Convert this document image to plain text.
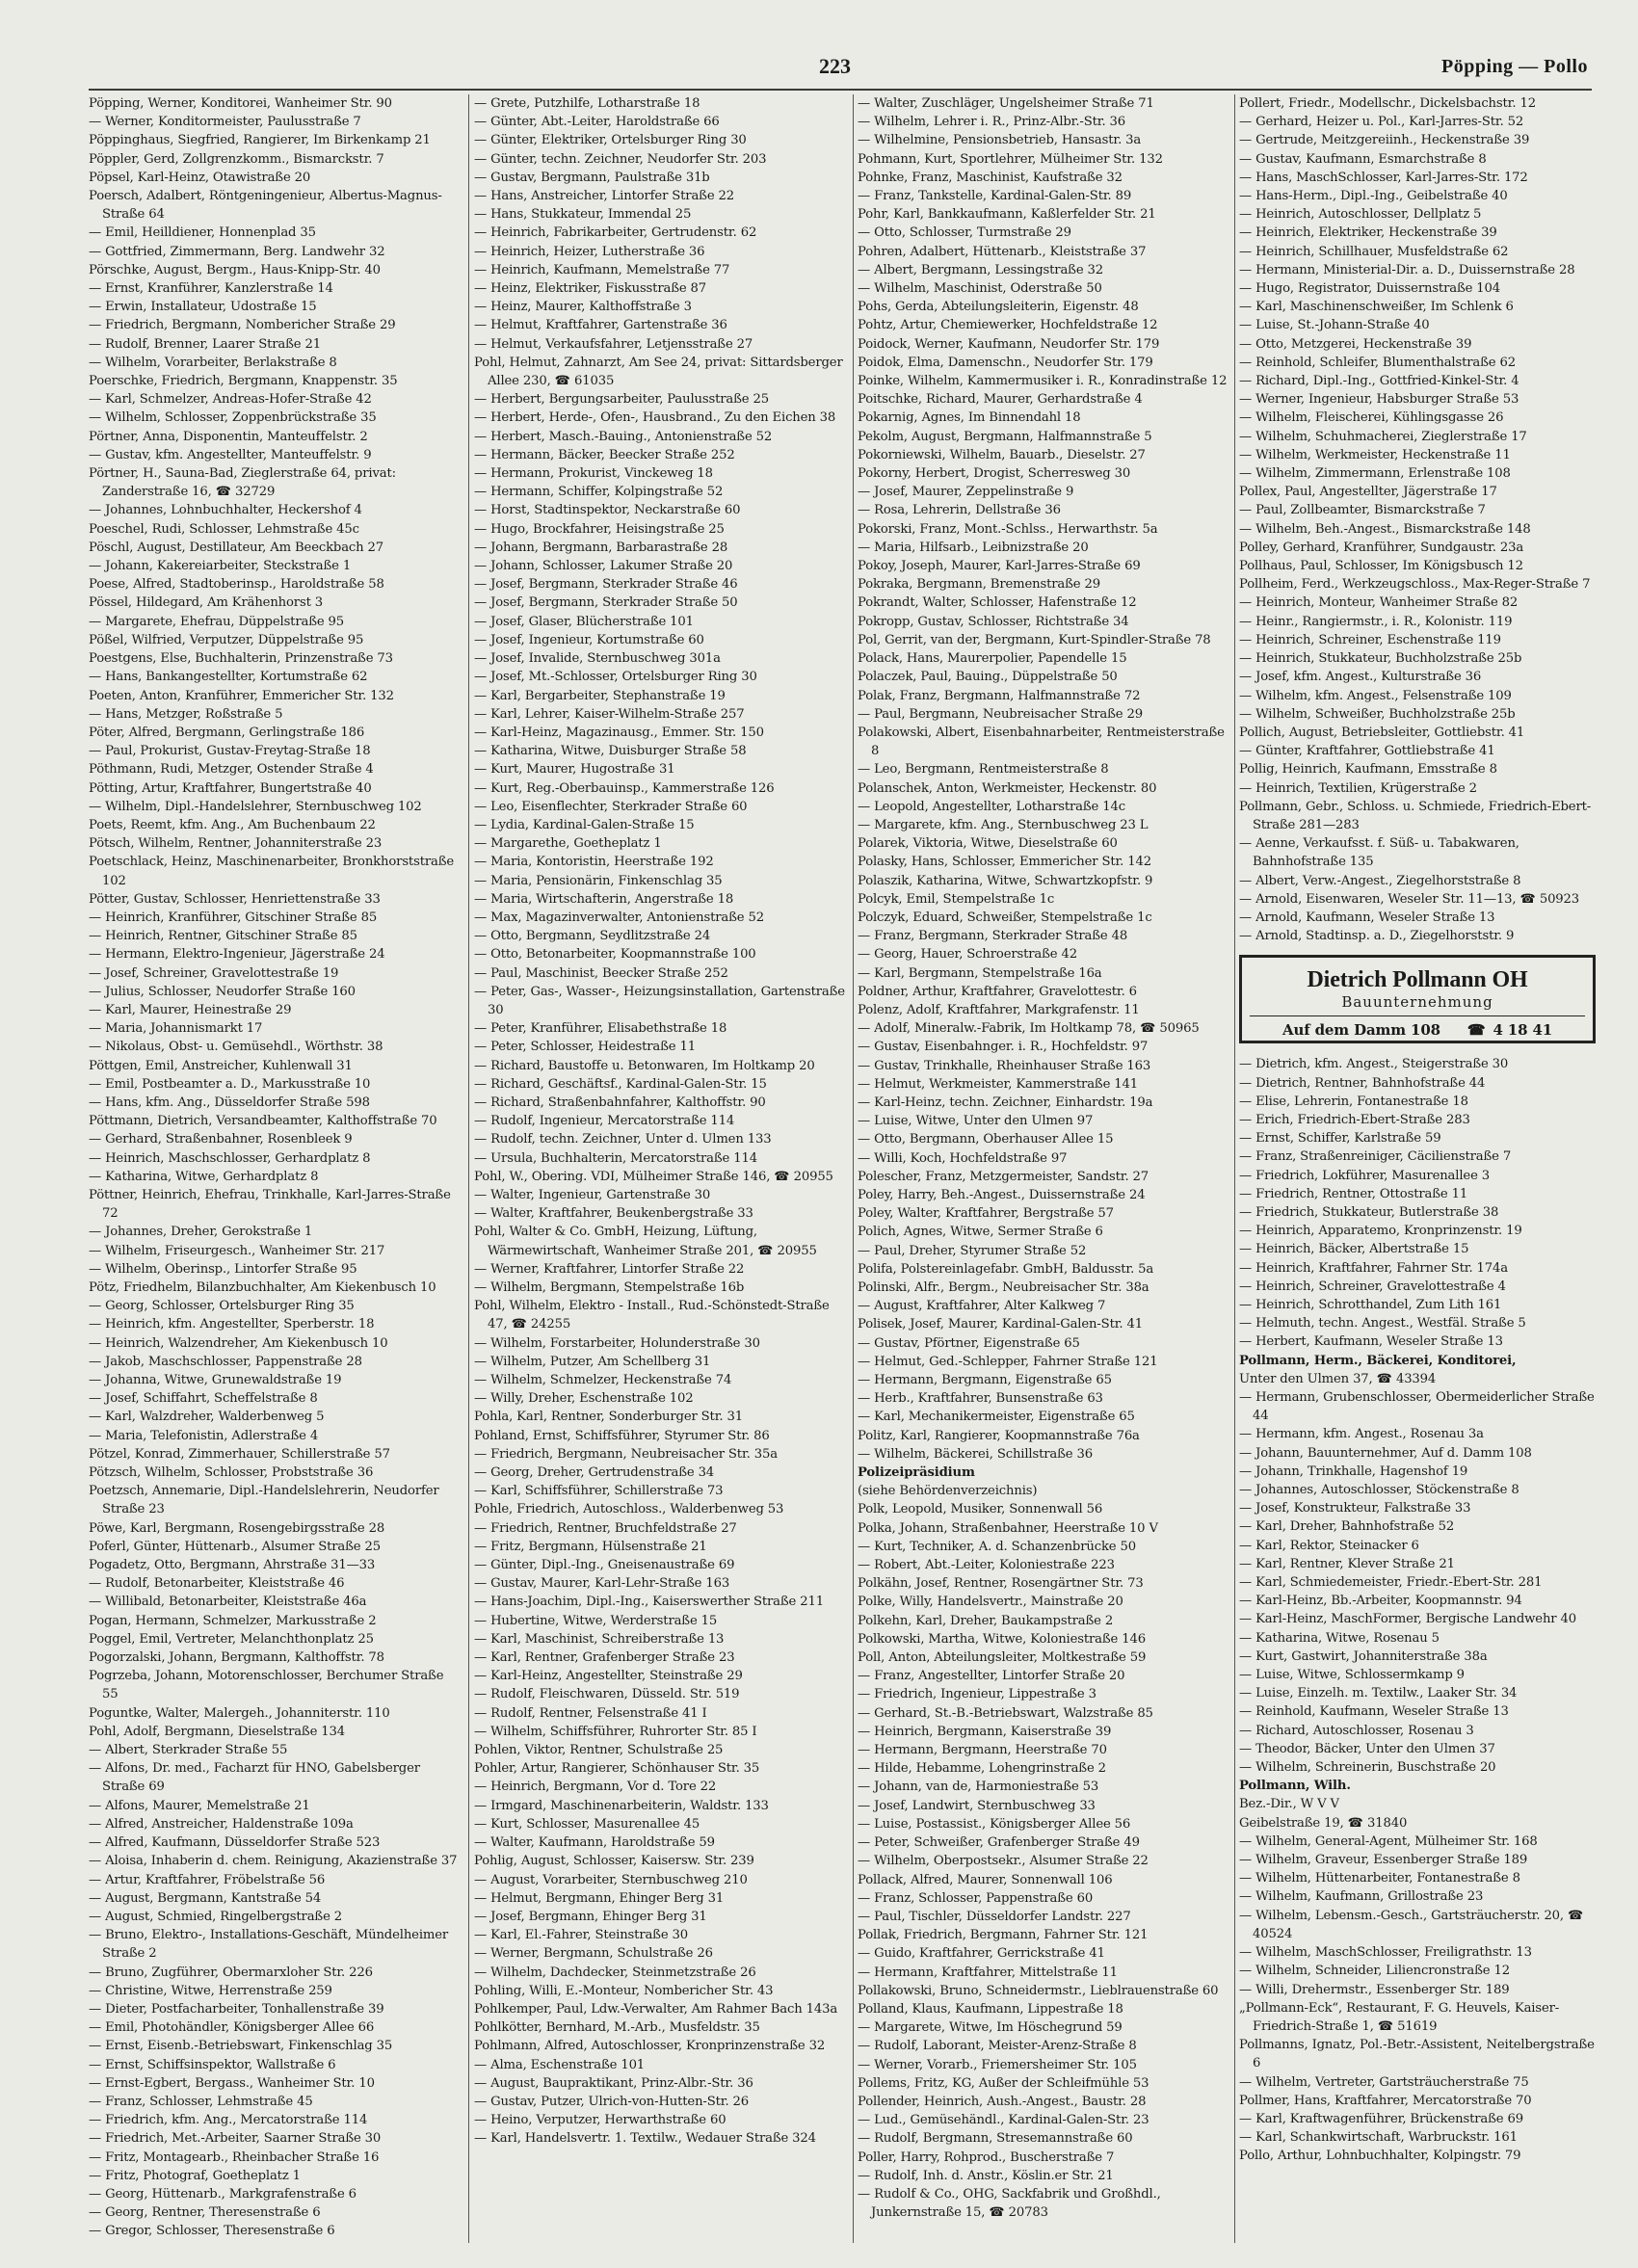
223	Pöpping — Pollo
Pöpping, Werner, Konditorei, Wanheimer Str. 90
— Werner, Konditormeister, Paulusstraße 7
Pöppinghaus, Siegfried, Rangierer, Im Birkenkamp 21
Pöppler, Gerd, Zollgrenzkomm., Bismarckstr. 7
Pöpsel, Karl-Heinz, Otawistraße 20
Poersch, Adalbert, Röntgeningenieur, Albertus-Magnus-Straße 64
— Emil, Heilldiener, Honnenplad 35
— Gottfried, Zimmermann, Berg. Landwehr 32
Pörschke, August, Bergm., Haus-Knipp-Str. 40
— Ernst, Kranführer, Kanzlerstraße 14
— Erwin, Installateur, Udostraße 15
— Friedrich, Bergmann, Nombericher Straße 29
— Rudolf, Brenner, Laarer Straße 21
— Wilhelm, Vorarbeiter, Berlakstraße 8
Poerschke, Friedrich, Bergmann, Knappenstr. 35
— Karl, Schmelzer, Andreas-Hofer-Straße 42
— Wilhelm, Schlosser, Zoppenbrückstraße 35
Pörtner, Anna, Disponentin, Manteuffelstr. 2
— Gustav, kfm. Angestellter, Manteuffelstr. 9
Pörtner, H., Sauna-Bad, Zieglerstraße 64, privat: Zanderstraße 16, ☎ 32729
— Johannes, Lohnbuchhalter, Heckershof 4
Poeschel, Rudi, Schlosser, Lehmstraße 45c
Pöschl, August, Destillateur, Am Beeckbach 27
— Johann, Kakereiarbeiter, Steckstraße 1
Poese, Alfred, Stadtoberinsp., Haroldstraße 58
Pössel, Hildegard, Am Krähenhorst 3
— Margarete, Ehefrau, Düppelstraße 95
Pößel, Wilfried, Verputzer, Düppelstraße 95
Poestgens, Else, Buchhalterin, Prinzenstraße 73
— Hans, Bankangestellter, Kortumstraße 62
Poeten, Anton, Kranführer, Emmericher Str. 132
— Hans, Metzger, Roßstraße 5
Pöter, Alfred, Bergmann, Gerlingstraße 186
— Paul, Prokurist, Gustav-Freytag-Straße 18
Pöthmann, Rudi, Metzger, Ostender Straße 4
Pötting, Artur, Kraftfahrer, Bungertstraße 40
— Wilhelm, Dipl.-Handelslehrer, Sternbuschweg 102
Poets, Reemt, kfm. Ang., Am Buchenbaum 22
Pötsch, Wilhelm, Rentner, Johanniterstraße 23
Poetschlack, Heinz, Maschinenarbeiter, Bronkhorststraße 102
Pötter, Gustav, Schlosser, Henriettenstraße 33
— Heinrich, Kranführer, Gitschiner Straße 85
— Heinrich, Rentner, Gitschiner Straße 85
— Hermann, Elektro-Ingenieur, Jägerstraße 24
— Josef, Schreiner, Gravelottestraße 19
— Julius, Schlosser, Neudorfer Straße 160
— Karl, Maurer, Heinestraße 29
— Maria, Johannismarkt 17
— Nikolaus, Obst- u. Gemüsehdl., Wörthstr. 38
Pöttgen, Emil, Anstreicher, Kuhlenwall 31
— Emil, Postbeamter a. D., Markusstraße 10
— Hans, kfm. Ang., Düsseldorfer Straße 598
Pöttmann, Dietrich, Versandbeamter, Kalthoffstraße 70
— Gerhard, Straßenbahner, Rosenbleek 9
— Heinrich, Maschschlosser, Gerhardplatz 8
— Katharina, Witwe, Gerhardplatz 8
Pöttner, Heinrich, Ehefrau, Trinkhalle, Karl-Jarres-Straße 72
— Johannes, Dreher, Gerokstraße 1
— Wilhelm, Friseurgesch., Wanheimer Str. 217
— Wilhelm, Oberinsp., Lintorfer Straße 95
Pötz, Friedhelm, Bilanzbuchhalter, Am Kiekenbusch 10
— Georg, Schlosser, Ortelsburger Ring 35
— Heinrich, kfm. Angestellter, Sperberstr. 18
— Heinrich, Walzendreher, Am Kiekenbusch 10
— Jakob, Maschschlosser, Pappenstraße 28
— Johanna, Witwe, Grunewaldstraße 19
— Josef, Schiffahrt, Scheffelstraße 8
— Karl, Walzdreher, Walderbenweg 5
— Maria, Telefonistin, Adlerstraße 4
Pötzel, Konrad, Zimmerhauer, Schillerstraße 57
Pötzsch, Wilhelm, Schlosser, Probststraße 36
Poetzsch, Annemarie, Dipl.-Handelslehrerin, Neudorfer Straße 23
Pöwe, Karl, Bergmann, Rosengebirgsstraße 28
Poferl, Günter, Hüttenarb., Alsumer Straße 25
Pogadetz, Otto, Bergmann, Ahrstraße 31—33
— Rudolf, Betonarbeiter, Kleiststraße 46
— Willibald, Betonarbeiter, Kleiststraße 46a
Pogan, Hermann, Schmelzer, Markusstraße 2
Poggel, Emil, Vertreter, Melanchthonplatz 25
Pogorzalski, Johann, Bergmann, Kalthoffstr. 78
Pogrzeba, Johann, Motorenschlosser, Berchumer Straße 55
Poguntke, Walter, Malergeh., Johanniterstr. 110
Pohl, Adolf, Bergmann, Dieselstraße 134
— Albert, Sterkrader Straße 55
— Alfons, Dr. med., Facharzt für HNO, Gabelsberger Straße 69
— Alfons, Maurer, Memelstraße 21
— Alfred, Anstreicher, Haldenstraße 109a
— Alfred, Kaufmann, Düsseldorfer Straße 523
— Aloisa, Inhaberin d. chem. Reinigung, Akazienstraße 37
— Artur, Kraftfahrer, Fröbelstraße 56
— August, Bergmann, Kantstraße 54
— August, Schmied, Ringelbergstraße 2
— Bruno, Elektro-, Installations-Geschäft, Mündelheimer Straße 2
— Bruno, Zugführer, Obermarxloher Str. 226
— Christine, Witwe, Herrenstraße 259
— Dieter, Postfacharbeiter, Tonhallenstraße 39
— Emil, Photohändler, Königsberger Allee 66
— Ernst, Eisenb.-Betriebswart, Finkenschlag 35
— Ernst, Schiffsinspektor, Wallstraße 6
— Ernst-Egbert, Bergass., Wanheimer Str. 10
— Franz, Schlosser, Lehmstraße 45
— Friedrich, kfm. Ang., Mercatorstraße 114
— Friedrich, Met.-Arbeiter, Saarner Straße 30
— Fritz, Montagearb., Rheinbacher Straße 16
— Fritz, Photograf, Goetheplatz 1
— Georg, Hüttenarb., Markgrafenstraße 6
— Georg, Rentner, Theresenstraße 6
— Gregor, Schlosser, Theresenstraße 6
— Grete, Putzhilfe, Lotharstraße 18
— Günter, Abt.-Leiter, Haroldstraße 66
— Günter, Elektriker, Ortelsburger Ring 30
— Günter, techn. Zeichner, Neudorfer Str. 203
— Gustav, Bergmann, Paulstraße 31b
— Hans, Anstreicher, Lintorfer Straße 22
— Hans, Stukkateur, Immendal 25
— Heinrich, Fabrikarbeiter, Gertrudenstr. 62
— Heinrich, Heizer, Lutherstraße 36
— Heinrich, Kaufmann, Memelstraße 77
— Heinz, Elektriker, Fiskusstraße 87
— Heinz, Maurer, Kalthoffstraße 3
— Helmut, Kraftfahrer, Gartenstraße 36
— Helmut, Verkaufsfahrer, Letjensstraße 27
Pohl, Helmut, Zahnarzt, Am See 24, privat: Sittardsberger Allee 230, ☎ 61035
— Herbert, Bergungsarbeiter, Paulusstraße 25
— Herbert, Herde-, Ofen-, Hausbrand., Zu den Eichen 38
— Herbert, Masch.-Bauing., Antonienstraße 52
— Hermann, Bäcker, Beecker Straße 252
— Hermann, Prokurist, Vinckeweg 18
— Hermann, Schiffer, Kolpingstraße 52
— Horst, Stadtinspektor, Neckarstraße 60
— Hugo, Brockfahrer, Heisingstraße 25
— Johann, Bergmann, Barbarastraße 28
— Johann, Schlosser, Lakumer Straße 20
— Josef, Bergmann, Sterkrader Straße 46
— Josef, Bergmann, Sterkrader Straße 50
— Josef, Glaser, Blücherstraße 101
— Josef, Ingenieur, Kortumstraße 60
— Josef, Invalide, Sternbuschweg 301a
— Josef, Mt.-Schlosser, Ortelsburger Ring 30
— Karl, Bergarbeiter, Stephanstraße 19
— Karl, Lehrer, Kaiser-Wilhelm-Straße 257
— Karl-Heinz, Magazinausg., Emmer. Str. 150
— Katharina, Witwe, Duisburger Straße 58
— Kurt, Maurer, Hugostraße 31
— Kurt, Reg.-Oberbauinsp., Kammerstraße 126
— Leo, Eisenflechter, Sterkrader Straße 60
— Lydia, Kardinal-Galen-Straße 15
— Margarethe, Goetheplatz 1
— Maria, Kontoristin, Heerstraße 192
— Maria, Pensionärin, Finkenschlag 35
— Maria, Wirtschafterin, Angerstraße 18
— Max, Magazinverwalter, Antonienstraße 52
— Otto, Bergmann, Seydlitzstraße 24
— Otto, Betonarbeiter, Koopmannstraße 100
— Paul, Maschinist, Beecker Straße 252
— Peter, Gas-, Wasser-, Heizungsinstallation, Gartenstraße 30
— Peter, Kranführer, Elisabethstraße 18
— Peter, Schlosser, Heidestraße 11
— Richard, Baustoffe u. Betonwaren, Im Holtkamp 20
— Richard, Geschäftsf., Kardinal-Galen-Str. 15
— Richard, Straßenbahnfahrer, Kalthoffstr. 90
— Rudolf, Ingenieur, Mercatorstraße 114
— Rudolf, techn. Zeichner, Unter d. Ulmen 133
— Ursula, Buchhalterin, Mercatorstraße 114
Pohl, W., Obering. VDI, Mülheimer Straße 146, ☎ 20955
— Walter, Ingenieur, Gartenstraße 30
— Walter, Kraftfahrer, Beukenbergstraße 33
Pohl, Walter & Co. GmbH, Heizung, Lüftung, Wärmewirtschaft, Wanheimer Straße 201, ☎ 20955
— Werner, Kraftfahrer, Lintorfer Straße 22
— Wilhelm, Bergmann, Stempelstraße 16b
Pohl, Wilhelm, Elektro - Install., Rud.-Schönstedt-Straße 47, ☎ 24255
— Wilhelm, Forstarbeiter, Holunderstraße 30
— Wilhelm, Putzer, Am Schellberg 31
— Wilhelm, Schmelzer, Heckenstraße 74
— Willy, Dreher, Eschenstraße 102
Pohla, Karl, Rentner, Sonderburger Str. 31
Pohland, Ernst, Schiffsführer, Styrumer Str. 86
— Friedrich, Bergmann, Neubreisacher Str. 35a
— Georg, Dreher, Gertrudenstraße 34
— Karl, Schiffsführer, Schillerstraße 73
Pohle, Friedrich, Autoschloss., Walderbenweg 53
— Friedrich, Rentner, Bruchfeldstraße 27
— Fritz, Bergmann, Hülsenstraße 21
— Günter, Dipl.-Ing., Gneisenaustraße 69
— Gustav, Maurer, Karl-Lehr-Straße 163
— Hans-Joachim, Dipl.-Ing., Kaiserswerther Straße 211
— Hubertine, Witwe, Werderstraße 15
— Karl, Maschinist, Schreiberstraße 13
— Karl, Rentner, Grafenberger Straße 23
— Karl-Heinz, Angestellter, Steinstraße 29
— Rudolf, Fleischwaren, Düsseld. Str. 519
— Rudolf, Rentner, Felsenstraße 41 I
— Wilhelm, Schiffsführer, Ruhrorter Str. 85 I
Pohlen, Viktor, Rentner, Schulstraße 25
Pohler, Artur, Rangierer, Schönhauser Str. 35
— Heinrich, Bergmann, Vor d. Tore 22
— Irmgard, Maschinenarbeiterin, Waldstr. 133
— Kurt, Schlosser, Masurenallee 45
— Walter, Kaufmann, Haroldstraße 59
Pohlig, August, Schlosser, Kaisersw. Str. 239
— August, Vorarbeiter, Sternbuschweg 210
— Helmut, Bergmann, Ehinger Berg 31
— Josef, Bergmann, Ehinger Berg 31
— Karl, El.-Fahrer, Steinstraße 30
— Werner, Bergmann, Schulstraße 26
— Wilhelm, Dachdecker, Steinmetzstraße 26
Pohling, Willi, E.-Monteur, Nombericher Str. 43
Pohlkemper, Paul, Ldw.-Verwalter, Am Rahmer Bach 143a
Pohlkötter, Bernhard, M.-Arb., Musfeldstr. 35
Pohlmann, Alfred, Autoschlosser, Kronprinzenstraße 32
— Alma, Eschenstraße 101
— August, Baupraktikant, Prinz-Albr.-Str. 36
— Gustav, Putzer, Ulrich-von-Hutten-Str. 26
— Heino, Verputzer, Herwarthstraße 60
— Karl, Handelsvertr. 1. Textilw., Wedauer Straße 324
— Walter, Zuschläger, Ungelsheimer Straße 71
— Wilhelm, Lehrer i. R., Prinz-Albr.-Str. 36
— Wilhelmine, Pensionsbetrieb, Hansastr. 3a
Pohmann, Kurt, Sportlehrer, Mülheimer Str. 132
Pohnke, Franz, Maschinist, Kaufstraße 32
— Franz, Tankstelle, Kardinal-Galen-Str. 89
Pohr, Karl, Bankkaufmann, Kaßlerfelder Str. 21
— Otto, Schlosser, Turmstraße 29
Pohren, Adalbert, Hüttenarb., Kleiststraße 37
— Albert, Bergmann, Lessingstraße 32
— Wilhelm, Maschinist, Oderstraße 50
Pohs, Gerda, Abteilungsleiterin, Eigenstr. 48
Pohtz, Artur, Chemiewerker, Hochfeldstraße 12
Poidock, Werner, Kaufmann, Neudorfer Str. 179
Poidok, Elma, Damenschn., Neudorfer Str. 179
Poinke, Wilhelm, Kammermusiker i. R., Konradinstraße 12
Poitschke, Richard, Maurer, Gerhardstraße 4
Pokarnig, Agnes, Im Binnendahl 18
Pekolm, August, Bergmann, Halfmannstraße 5
Pokorniewski, Wilhelm, Bauarb., Dieselstr. 27
Pokorny, Herbert, Drogist, Scherresweg 30
— Josef, Maurer, Zeppelinstraße 9
— Rosa, Lehrerin, Dellstraße 36
Pokorski, Franz, Mont.-Schlss., Herwarthstr. 5a
— Maria, Hilfsarb., Leibnizstraße 20
Pokoy, Joseph, Maurer, Karl-Jarres-Straße 69
Pokraka, Bergmann, Bremenstraße 29
Pokrandt, Walter, Schlosser, Hafenstraße 12
Pokropp, Gustav, Schlosser, Richtstraße 34
Pol, Gerrit, van der, Bergmann, Kurt-Spindler-Straße 78
Polack, Hans, Maurerpolier, Papendelle 15
Polaczek, Paul, Bauing., Düppelstraße 50
Polak, Franz, Bergmann, Halfmannstraße 72
— Paul, Bergmann, Neubreisacher Straße 29
Polakowski, Albert, Eisenbahnarbeiter, Rentmeisterstraße 8
— Leo, Bergmann, Rentmeisterstraße 8
Polanschek, Anton, Werkmeister, Heckenstr. 80
— Leopold, Angestellter, Lotharstraße 14c
— Margarete, kfm. Ang., Sternbuschweg 23 L
Polarek, Viktoria, Witwe, Dieselstraße 60
Polasky, Hans, Schlosser, Emmericher Str. 142
Polaszik, Katharina, Witwe, Schwartzkopfstr. 9
Polcyk, Emil, Stempelstraße 1c
Polczyk, Eduard, Schweißer, Stempelstraße 1c
— Franz, Bergmann, Sterkrader Straße 48
— Georg, Hauer, Schroerstraße 42
— Karl, Bergmann, Stempelstraße 16a
Poldner, Arthur, Kraftfahrer, Gravelottestr. 6
Polenz, Adolf, Kraftfahrer, Markgrafenstr. 11
— Adolf, Mineralw.-Fabrik, Im Holtkamp 78, ☎ 50965
— Gustav, Eisenbahnger. i. R., Hochfeldstr. 97
— Gustav, Trinkhalle, Rheinhauser Straße 163
— Helmut, Werkmeister, Kammerstraße 141
— Karl-Heinz, techn. Zeichner, Einhardstr. 19a
— Luise, Witwe, Unter den Ulmen 97
— Otto, Bergmann, Oberhauser Allee 15
— Willi, Koch, Hochfeldstraße 97
Polescher, Franz, Metzgermeister, Sandstr. 27
Poley, Harry, Beh.-Angest., Duissernstraße 24
Poley, Walter, Kraftfahrer, Bergstraße 57
Polich, Agnes, Witwe, Sermer Straße 6
— Paul, Dreher, Styrumer Straße 52
Polifa, Polstereinlagefabr. GmbH, Baldusstr. 5a
Polinski, Alfr., Bergm., Neubreisacher Str. 38a
— August, Kraftfahrer, Alter Kalkweg 7
Polisek, Josef, Maurer, Kardinal-Galen-Str. 41
— Gustav, Pförtner, Eigenstraße 65
— Helmut, Ged.-Schlepper, Fahrner Straße 121
— Hermann, Bergmann, Eigenstraße 65
— Herb., Kraftfahrer, Bunsenstraße 63
— Karl, Mechanikermeister, Eigenstraße 65
Politz, Karl, Rangierer, Koopmannstraße 76a
— Wilhelm, Bäckerei, Schillstraße 36
Polizeipräsidium
(siehe Behördenverzeichnis)
Polk, Leopold, Musiker, Sonnenwall 56
Polka, Johann, Straßenbahner, Heerstraße 10 V
— Kurt, Techniker, A. d. Schanzenbrücke 50
— Robert, Abt.-Leiter, Koloniestraße 223
Polkähn, Josef, Rentner, Rosengärtner Str. 73
Polke, Willy, Handelsvertr., Mainstraße 20
Polkehn, Karl, Dreher, Baukampstraße 2
Polkowski, Martha, Witwe, Koloniestraße 146
Poll, Anton, Abteilungsleiter, Moltkestraße 59
— Franz, Angestellter, Lintorfer Straße 20
— Friedrich, Ingenieur, Lippestraße 3
— Gerhard, St.-B.-Betriebswart, Walzstraße 85
— Heinrich, Bergmann, Kaiserstraße 39
— Hermann, Bergmann, Heerstraße 70
— Hilde, Hebamme, Lohengrinstraße 2
— Johann, van de, Harmoniestraße 53
— Josef, Landwirt, Sternbuschweg 33
— Luise, Postassist., Königsberger Allee 56
— Peter, Schweißer, Grafenberger Straße 49
— Wilhelm, Oberpostsekr., Alsumer Straße 22
Pollack, Alfred, Maurer, Sonnenwall 106
— Franz, Schlosser, Pappenstraße 60
— Paul, Tischler, Düsseldorfer Landstr. 227
Pollak, Friedrich, Bergmann, Fahrner Str. 121
— Guido, Kraftfahrer, Gerrickstraße 41
— Hermann, Kraftfahrer, Mittelstraße 11
Pollakowski, Bruno, Schneidermstr., Lieblrauenstraße 60
Polland, Klaus, Kaufmann, Lippestraße 18
— Margarete, Witwe, Im Höschegrund 59
— Rudolf, Laborant, Meister-Arenz-Straße 8
— Werner, Vorarb., Friemersheimer Str. 105
Pollems, Fritz, KG, Außer der Schleifmühle 53
Pollender, Heinrich, Aush.-Angest., Baustr. 28
— Lud., Gemüsehändl., Kardinal-Galen-Str. 23
— Rudolf, Bergmann, Stresemannstraße 60
Poller, Harry, Rohprod., Buscherstraße 7
— Rudolf, Inh. d. Anstr., Köslin.er Str. 21
— Rudolf & Co., OHG, Sackfabrik und Großhdl., Junkernstraße 15, ☎ 20783
Pollert, Friedr., Modellschr., Dickelsbachstr. 12
— Gerhard, Heizer u. Pol., Karl-Jarres-Str. 52
— Gertrude, Meitzgereiinh., Heckenstraße 39
— Gustav, Kaufmann, Esmarchstraße 8
— Hans, MaschSchlosser, Karl-Jarres-Str. 172
— Hans-Herm., Dipl.-Ing., Geibelstraße 40
— Heinrich, Autoschlosser, Dellplatz 5
— Heinrich, Elektriker, Heckenstraße 39
— Heinrich, Schillhauer, Musfeldstraße 62
— Hermann, Ministerial-Dir. a. D., Duissernstraße 28
— Hugo, Registrator, Duissernstraße 104
— Karl, Maschinenschweißer, Im Schlenk 6
— Luise, St.-Johann-Straße 40
— Otto, Metzgerei, Heckenstraße 39
— Reinhold, Schleifer, Blumenthalstraße 62
— Richard, Dipl.-Ing., Gottfried-Kinkel-Str. 4
— Werner, Ingenieur, Habsburger Straße 53
— Wilhelm, Fleischerei, Kühlingsgasse 26
— Wilhelm, Schuhmacherei, Zieglerstraße 17
— Wilhelm, Werkmeister, Heckenstraße 11
— Wilhelm, Zimmermann, Erlenstraße 108
Pollex, Paul, Angestellter, Jägerstraße 17
— Paul, Zollbeamter, Bismarckstraße 7
— Wilhelm, Beh.-Angest., Bismarckstraße 148
Polley, Gerhard, Kranführer, Sundgaustr. 23a
Pollhaus, Paul, Schlosser, Im Königsbusch 12
Pollheim, Ferd., Werkzeugschloss., Max-Reger-Straße 7
— Heinrich, Monteur, Wanheimer Straße 82
— Heinr., Rangiermstr., i. R., Kolonistr. 119
— Heinrich, Schreiner, Eschenstraße 119
— Heinrich, Stukkateur, Buchholzstraße 25b
— Josef, kfm. Angest., Kulturstraße 36
— Wilhelm, kfm. Angest., Felsenstraße 109
— Wilhelm, Schweißer, Buchholzstraße 25b
Pollich, August, Betriebsleiter, Gottliebstr. 41
— Günter, Kraftfahrer, Gottliebstraße 41
Pollig, Heinrich, Kaufmann, Emsstraße 8
— Heinrich, Textilien, Krügerstraße 2
Pollmann, Gebr., Schloss. u. Schmiede, Friedrich-Ebert-Straße 281—283
— Aenne, Verkaufsst. f. Süß- u. Tabakwaren, Bahnhofstraße 135
— Albert, Verw.-Angest., Ziegelhorststraße 8
— Arnold, Eisenwaren, Weseler Str. 11—13, ☎ 50923
— Arnold, Kaufmann, Weseler Straße 13
— Arnold, Stadtinsp. a. D., Ziegelhorststr. 9
Dietrich Pollmann OH
Bauunternehmung
Auf dem Damm 108 ☎ 4 18 41
— Dietrich, kfm. Angest., Steigerstraße 30
— Dietrich, Rentner, Bahnhofstraße 44
— Elise, Lehrerin, Fontanestraße 18
— Erich, Friedrich-Ebert-Straße 283
— Ernst, Schiffer, Karlstraße 59
— Franz, Straßenreiniger, Cäcilienstraße 7
— Friedrich, Lokführer, Masurenallee 3
— Friedrich, Rentner, Ottostraße 11
— Friedrich, Stukkateur, Butlerstraße 38
— Heinrich, Apparatemo, Kronprinzenstr. 19
— Heinrich, Bäcker, Albertstraße 15
— Heinrich, Kraftfahrer, Fahrner Str. 174a
— Heinrich, Schreiner, Gravelottestraße 4
— Heinrich, Schrotthandel, Zum Lith 161
— Helmuth, techn. Angest., Westfäl. Straße 5
— Herbert, Kaufmann, Weseler Straße 13
Pollmann, Herm., Bäckerei, Konditorei,
Unter den Ulmen 37, ☎ 43394
— Hermann, Grubenschlosser, Obermeiderlicher Straße 44
— Hermann, kfm. Angest., Rosenau 3a
— Johann, Bauunternehmer, Auf d. Damm 108
— Johann, Trinkhalle, Hagenshof 19
— Johannes, Autoschlosser, Stöckenstraße 8
— Josef, Konstrukteur, Falkstraße 33
— Karl, Dreher, Bahnhofstraße 52
— Karl, Rektor, Steinacker 6
— Karl, Rentner, Klever Straße 21
— Karl, Schmiedemeister, Friedr.-Ebert-Str. 281
— Karl-Heinz, Bb.-Arbeiter, Koopmannstr. 94
— Karl-Heinz, MaschFormer, Bergische Landwehr 40
— Katharina, Witwe, Rosenau 5
— Kurt, Gastwirt, Johanniterstraße 38a
— Luise, Witwe, Schlossermkamp 9
— Luise, Einzelh. m. Textilw., Laaker Str. 34
— Reinhold, Kaufmann, Weseler Straße 13
— Richard, Autoschlosser, Rosenau 3
— Theodor, Bäcker, Unter den Ulmen 37
— Wilhelm, Schreinerin, Buschstraße 20
Pollmann, Wilh.
Bez.-Dir., W V V
Geibelstraße 19, ☎ 31840
— Wilhelm, General-Agent, Mülheimer Str. 168
— Wilhelm, Graveur, Essenberger Straße 189
— Wilhelm, Hüttenarbeiter, Fontanestraße 8
— Wilhelm, Kaufmann, Grillostraße 23
— Wilhelm, Lebensm.-Gesch., Gartsträucherstr. 20, ☎ 40524
— Wilhelm, MaschSchlosser, Freiligrathstr. 13
— Wilhelm, Schneider, Liliencronstraße 12
— Willi, Drehermstr., Essenberger Str. 189
„Pollmann-Eck“, Restaurant, F. G. Heuvels, Kaiser-Friedrich-Straße 1, ☎ 51619
Pollmanns, Ignatz, Pol.-Betr.-Assistent, Neitelbergstraße 6
— Wilhelm, Vertreter, Gartsträucherstraße 75
Pollmer, Hans, Kraftfahrer, Mercatorstraße 70
— Karl, Kraftwagenführer, Brückenstraße 69
— Karl, Schankwirtschaft, Warbruckstr. 161
Pollo, Arthur, Lohnbuchhalter, Kolpingstr. 79
